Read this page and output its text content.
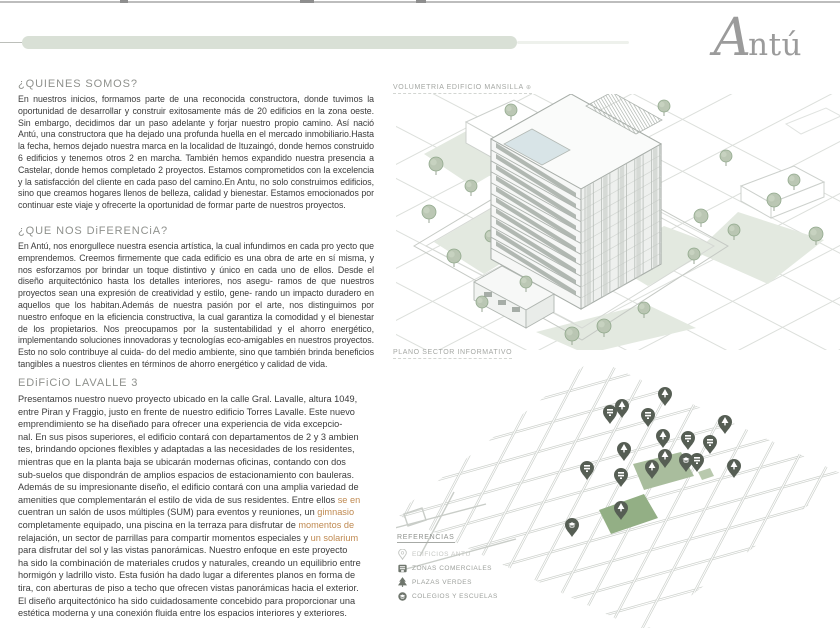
Antú
¿QUIENES SOMOS?

En nuestros inicios, formamos parte de una reconocida constructora, donde tuvimos la oportunidad de desarrollar y construir exitosamente más de 20 edificios en la zona oeste. Sin embargo, decidimos dar un paso adelante y forjar nuestro propio camino. Así nació Antú, una constructora que ha dejado una profunda huella en el mercado inmobiliario.Hasta la fecha, hemos dejado nuestra marca en la localidad de Ituzaingó, donde hemos construido 6 edificios y tenemos otros 2 en marcha. También hemos expandido nuestra presencia a Castelar, donde hemos completado 2 proyectos. Estamos comprometidos con la excelencia y la satisfacción del cliente en cada paso del camino.En Antu, no solo construimos edificios, sino que creamos hogares llenos de belleza, calidad y bienestar. Estamos emocionados por continuar este viaje y ofrecerte la oportunidad de formar parte de nuestros proyectos.

¿QUE NOS DiFERENCiA?

En Antú, nos enorgullece nuestra esencia artística, la cual infundimos en cada pro yecto que emprendemos. Creemos firmemente que cada edificio es una obra de arte en sí misma, y nos esforzamos por brindar un toque distintivo y único en cada uno de ellos. Desde el diseño arquitectónico hasta los detalles interiores, nos asegu- ramos de que nuestros proyectos sean una expresión de creatividad y estilo, gene- rando un impacto duradero en aquellos que los habitan.Además de nuestra pasión por el arte, nos distinguimos por nuestro enfoque en la eficiencia constructiva, la cual garantiza la comodidad y el bienestar de los propietarios. Nos preocupamos por la sustentabilidad y el ahorro energético, implementando soluciones innovadoras y tecnologías eco-amigables en nuestros proyectos. Esto no solo contribuye al cuida- do del medio ambiente, sino que también brinda beneficios tangibles a nuestros clientes en términos de ahorro energético y calidad de vida.

EDiFiCiO LAVALLE 3
Presentamos nuestro nuevo proyecto ubicado en la calle Gral. Lavalle, altura 1049,
entre Piran y Fraggio, justo en frente de nuestro edificio Torres Lavalle. Este nuevo
emprendimiento se ha diseñado para ofrecer una experiencia de vida excepcio-
nal. En sus pisos superiores, el edificio contará con departamentos de 2 y 3 ambien
tes, brindando opciones flexibles y adaptadas a las necesidades de los residentes,
mientras que en la planta baja se ubicarán modernas oficinas, contando con dos
sub-suelos que dispondrán de amplios espacios de estacionamiento con bauleras.
Además de su impresionante diseño, el edificio contará con una amplia variedad de
amenities que complementarán el estilo de vida de sus residentes. Entre ellos se en
cuentran un salón de usos múltiples (SUM) para eventos y reuniones, un gimnasio
completamente equipado, una piscina en la terraza para disfrutar de momentos de
relajación, un sector de parrillas para compartir momentos especiales y un solarium
para disfrutar del sol y las vistas panorámicas. Nuestro enfoque en este proyecto
ha sido la combinación de materiales crudos y naturales, creando un equilibrio entre
hormigón y ladrillo visto. Esta fusión ha dado lugar a diferentes planos en forma de
tira, con aberturas de piso a techo que ofrecen vistas panorámicas hacia el exterior.
El diseño arquitectónico ha sido cuidadosamente concebido para proporcionar una
estética moderna y una conexión fluida entre los espacios interiores y exteriores.
VOLUMETRIA EDIFICIO MANSILLA ⊕
PLANO SECTOR INFORMATIVO
REFERENCIAS
EDIFICIOS ANTU
ZONAS COMERCIALES
PLAZAS VERDES
COLEGIOS Y ESCUELAS
